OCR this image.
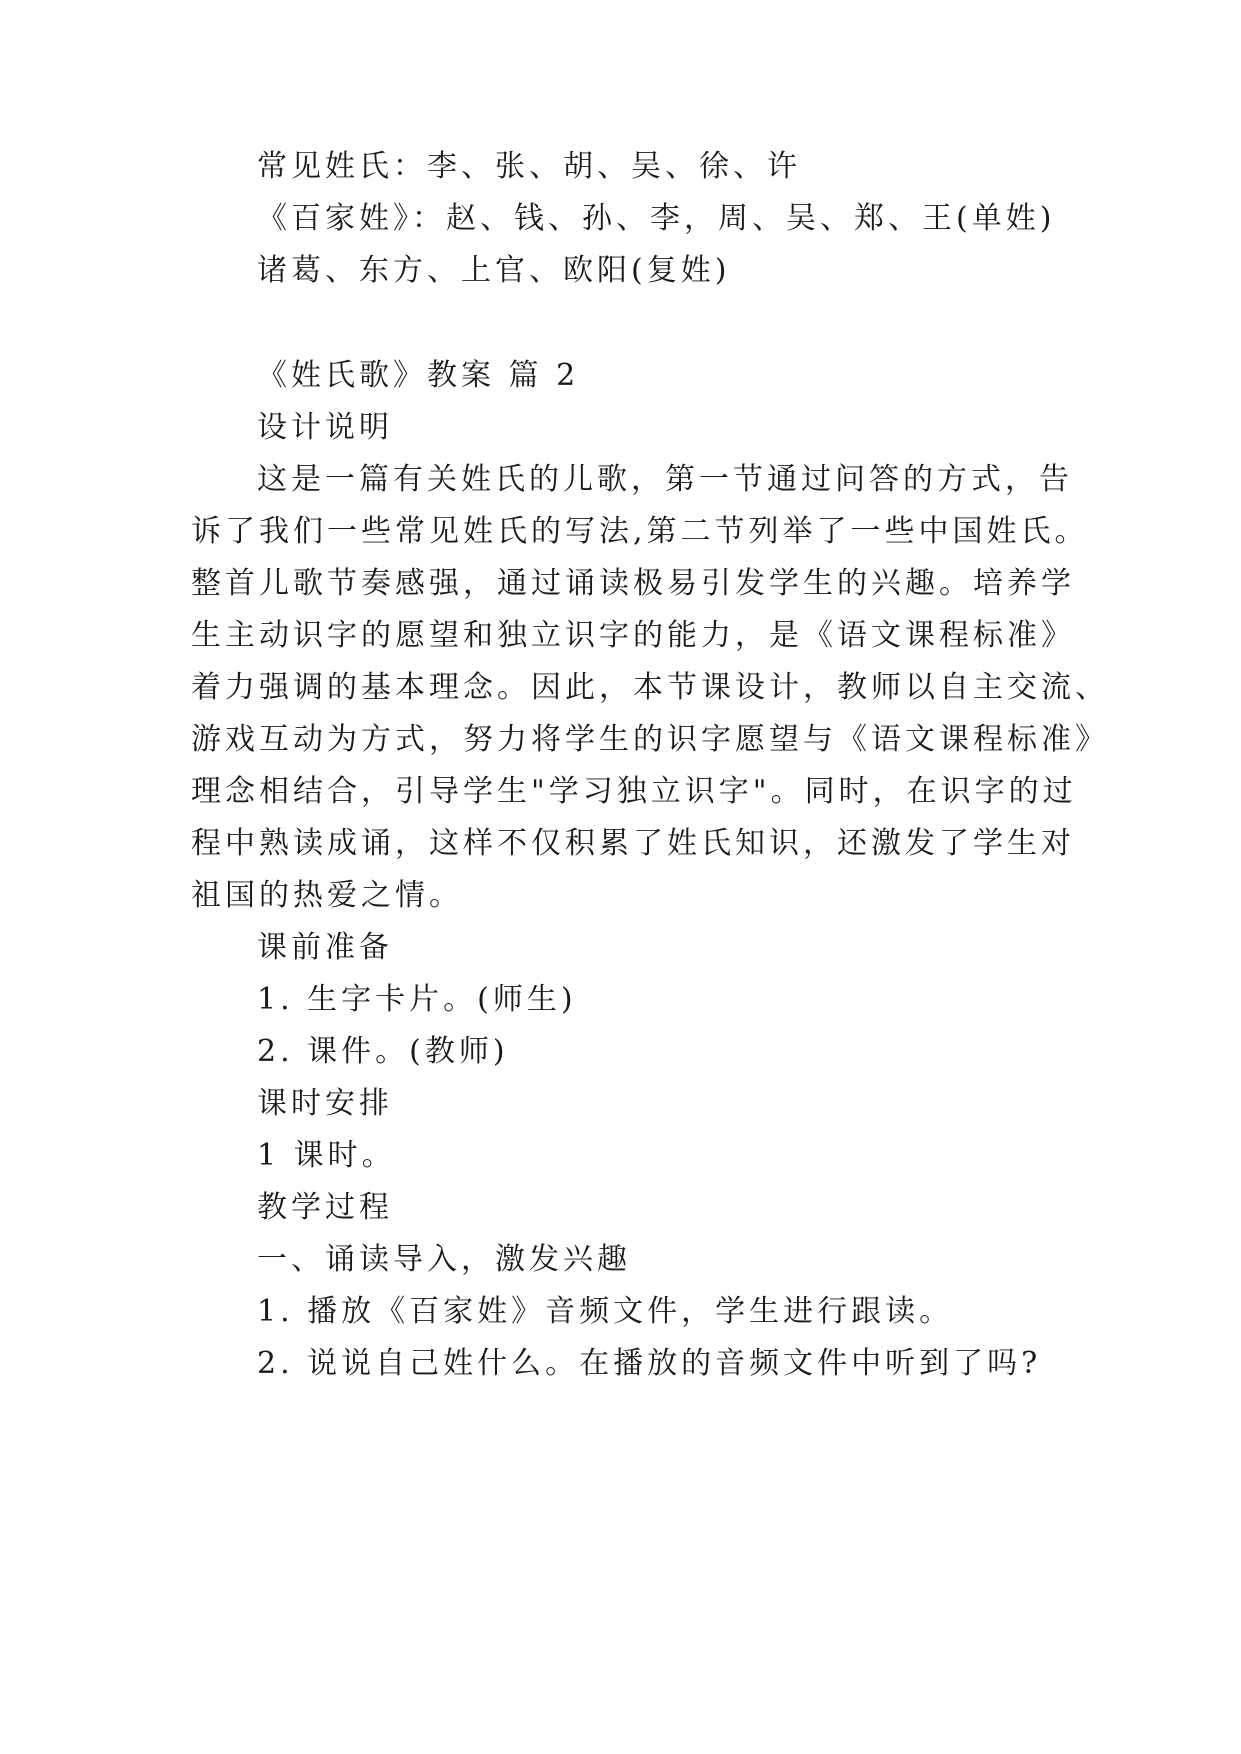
常见姓氏：李、张、胡、吴、徐、许
《百家姓》：赵、钱、孙、李，周、吴、郑、王(单姓)
诸葛、东方、上官、欧阳(复姓)
《姓氏歌》教案 篇 2
设计说明
这是一篇有关姓氏的儿歌，第一节通过问答的方式，告
诉了我们一些常见姓氏的写法,第二节列举了一些中国姓氏。
整首儿歌节奏感强，通过诵读极易引发学生的兴趣。培养学
生主动识字的愿望和独立识字的能力，是《语文课程标准》
着力强调的基本理念。因此，本节课设计，教师以自主交流、
游戏互动为方式，努力将学生的识字愿望与《语文课程标准》
理念相结合，引导学生"学习独立识字"。同时，在识字的过
程中熟读成诵，这样不仅积累了姓氏知识，还激发了学生对
祖国的热爱之情。
课前准备
1. 生字卡片。(师生)
2. 课件。(教师)
课时安排
1 课时。
教学过程
一、诵读导入，激发兴趣
1. 播放《百家姓》音频文件，学生进行跟读。
2. 说说自己姓什么。在播放的音频文件中听到了吗?
